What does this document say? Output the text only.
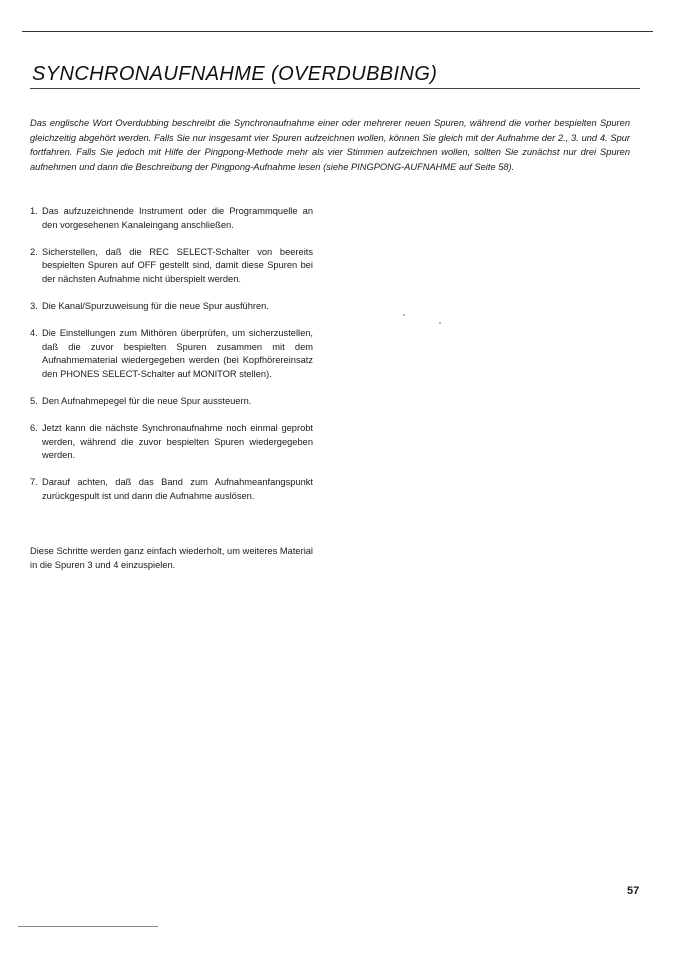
SYNCHRONAUFNAHME (OVERDUBBING)

Das englische Wort Overdubbing beschreibt die Synchronaufnahme einer oder mehrerer neuen Spuren, während die vorher bespielten Spuren gleichzeitig abgehört werden. Falls Sie nur insgesamt vier Spuren aufzeichnen wollen, können Sie gleich mit der Aufnahme der 2., 3. und 4. Spur fortfahren. Falls Sie jedoch mit Hilfe der Pingpong-Methode mehr als vier Stimmen aufzeichnen wollen, sollten Sie zunächst nur drei Spuren aufnehmen und dann die Beschreibung der Pingpong-Aufnahme lesen (siehe PINGPONG-AUFNAHME auf Seite 58).

1. Das aufzuzeichnende Instrument oder die Programmquelle an den vorgesehenen Kanaleingang anschließen.
2. Sicherstellen, daß die REC SELECT-Schalter von beereits bespielten Spuren auf OFF gestellt sind, damit diese Spuren bei der nächsten Aufnahme nicht überspielt werden.
3. Die Kanal/Spurzuweisung für die neue Spur ausführen.
4. Die Einstellungen zum Mithören überprüfen, um sicherzustellen, daß die zuvor bespielten Spuren zusammen mit dem Aufnahmematerial wiedergegeben werden (bei Kopfhörereinsatz den PHONES SELECT-Schalter auf MONITOR stellen).
5. Den Aufnahmepegel für die neue Spur aussteuern.
6. Jetzt kann die nächste Synchronaufnahme noch einmal geprobt werden, während die zuvor bespielten Spuren wiedergegeben werden.
7. Darauf achten, daß das Band zum Aufnahmeanfangspunkt zurückgespult ist und dann die Aufnahme auslösen.

Diese Schritte werden ganz einfach wiederholt, um weiteres Material in die Spuren 3 und 4 einzuspielen.

57
